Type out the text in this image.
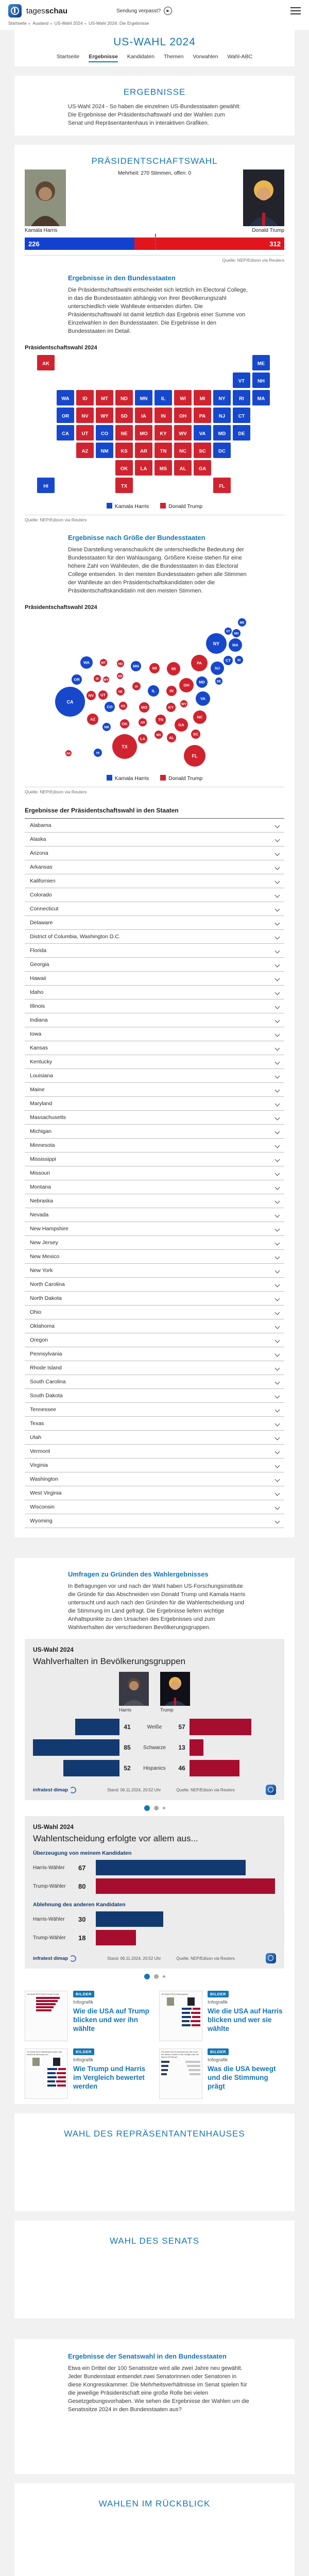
tagesschau	Sendung verpasst?	▶
Startseite ▸ Ausland ▸ US-Wahl 2024 ▸ US-Wahl 2024: Die Ergebnisse
US-WAHL 2024
Startseite Ergebnisse Kandidaten Themen Vorwahlen Wahl-ABC
ERGEBNISSE

US-Wahl 2024 - So haben die einzelnen US-Bundesstaaten gewählt: Die Ergebnisse der Präsidentschaftswahl und der Wahlen zum Senat und Repräsentantenhaus in interaktiven Grafiken.

PRÄSIDENTSCHAFTSWAHL
Mehrheit: 270 Stimmen, offen: 0
Kamala Harris	Donald Trump
226	312
Quelle: NEP/Edison via Reuters
Ergebnisse in den Bundesstaaten

Die Präsidentschaftswahl entscheidet sich letztlich im Electoral College, in das die Bundesstaaten abhängig von ihrer Bevölkerungszahl unterschiedlich viele Wahlleute entsenden dürfen. Die Präsidentschaftswahl ist damit letztlich das Ergebnis einer Summe von Einzelwahlen in den Bundesstaaten. Die Ergebnisse in den Bundesstaaten im Detail.

Präsidentschaftswahl 2024
AK	ME
VT	NH
WA	ID	MT	ND MN	IL	WI	MI	NY	RI	MA
OR	NV WY SD	IA	IN	OH	PA	NJ	CT
CA	UT	CO	NE MO KY WV	VA	MD	DE
AZ	NM	KS	AR	TN	NC	SC	DC
OK	LA	MS	AL	GA
HI	TX	FL
Kamala Harris	Donald Trump
Quelle: NEP/Edison via Reuters
Ergebnisse nach Größe der Bundesstaaten

Diese Darstellung veranschaulicht die unterschiedliche Bedeutung der Bundesstaaten für den Wahlausgang. Größere Kreise stehen für eine höhere Zahl von Wahlleuten, die die Bundesstaaten in das Electoral College entsenden. In den meisten Bundesstaaten gehen alle Stimmen der Wahlleute an den Präsidentschaftskandidaten oder die Präsidentschaftskandidatin mit den meisten Stimmen.

Präsidentschaftswahl 2024
ME
VT
NH
NY	MA
CT RI
PA
NJ
DE
MD
WA	MT	ND	MN	WI	MI
OR	ID WY
SD
IA
NE	IL	IN
OH
NV UT
CA
CO	KS	MO	KY
WV
VA
AZ
NM
OK	AR
TN
NC
SC
GA
MS AL
LA
TX
AK	HI	FL
Kamala Harris	Donald Trump
Quelle: NEP/Edison via Reuters
Ergebnisse der Präsidentschaftswahl in den Staaten
Alabama
Alaska
Arizona
Arkansas
Kalifornien
Colorado
Connecticut
Delaware
District of Columbia, Washington D.C.
Florida
Georgia
Hawaii
Idaho
Illinois
Indiana
Iowa
Kansas
Kentucky
Louisiana
Maine
Maryland
Massachusetts
Michigan
Minnesota
Mississippi
Missouri
Montana
Nebraska
Nevada
New Hampshire
New Jersey
New Mexico
New York
North Carolina
North Dakota
Ohio
Oklahoma
Oregon
Pennsylvania
Rhode Island
South Carolina
South Dakota
Tennessee
Texas
Utah
Vermont
Virginia
Washington
West Virginia
Wisconsin
Wyoming
Umfragen zu Gründen des Wahlergebnisses

In Befragungen vor und nach der Wahl haben US-Forschungsinstitute die Gründe für das Abschneiden von Donald Trump und Kamala Harris untersucht und auch nach den Gründen für die Wahlentscheidung und die Stimmung im Land gefragt. Die Ergebnisse liefern wichtige Anhaltspunkte zu den Ursachen des Ergebnisses und zum Wahlverhalten der verschiedenen Bevölkerungsgruppen.

US-Wahl 2024
Wahlverhalten in Bevölkerungsgruppen
Harris	Trump
41	Weiße	57
85	Schwarze	13
52	Hispanics	46
infratest dimap	Stand: 06.11.2024, 20:52 Uhr	Quelle: NEP/Edison via Reuters
US-Wahl 2024
Wahlentscheidung erfolgte vor allem aus...
Überzeugung von meinem Kandidaten
Harris-Wähler	67
Trump-Wähler	80
Ablehnung des anderen Kandidaten
Harris-Wähler	30
Trump-Wähler	18
infratest dimap	Stand: 06.11.2024, 20:52 Uhr	Quelle: NEP/Edison via Reuters
US-Wahl 2024 Profil Donald Trump	BILDER
Infografik
Wie die USA auf Trump blicken und wer ihn wählte
US-Wahl 2024 Profilvergleich	BILDER
Infografik
Wie die USA auf Harris blicken und wer sie wählte
US-Wahl 2024 Überwiegend gute oder schlechte Meinung von...
BILDER
Infografik
Wie Trump und Harris im Vergleich bewertet werden
US-Wahl 2024 Entwickelt sich das Land auf diesem Gebiet in die richtige oder die falsche Richtung?
BILDER
Infografik
Was die USA bewegt und die Stimmung prägt
WAHL DES REPRÄSENTANTENHAUSES
WAHL DES SENATS
Ergebnisse der Senatswahl in den Bundesstaaten

Etwa ein Drittel der 100 Senatssitze wird alle zwei Jahre neu gewählt. Jeder Bundesstaat entsendet zwei Senatorinnen oder Senatoren in diese Kongresskammer. Die Mehrheitsverhältnisse im Senat spielen für die jeweilige Präsidentschaft eine große Rolle bei vielen Gesetzgebungsvorhaben. Wie sehen die Ergebnisse der Wahlen um die Senatssitze 2024 in den Bundesstaaten aus?

WAHLEN IM RÜCKBLICK
